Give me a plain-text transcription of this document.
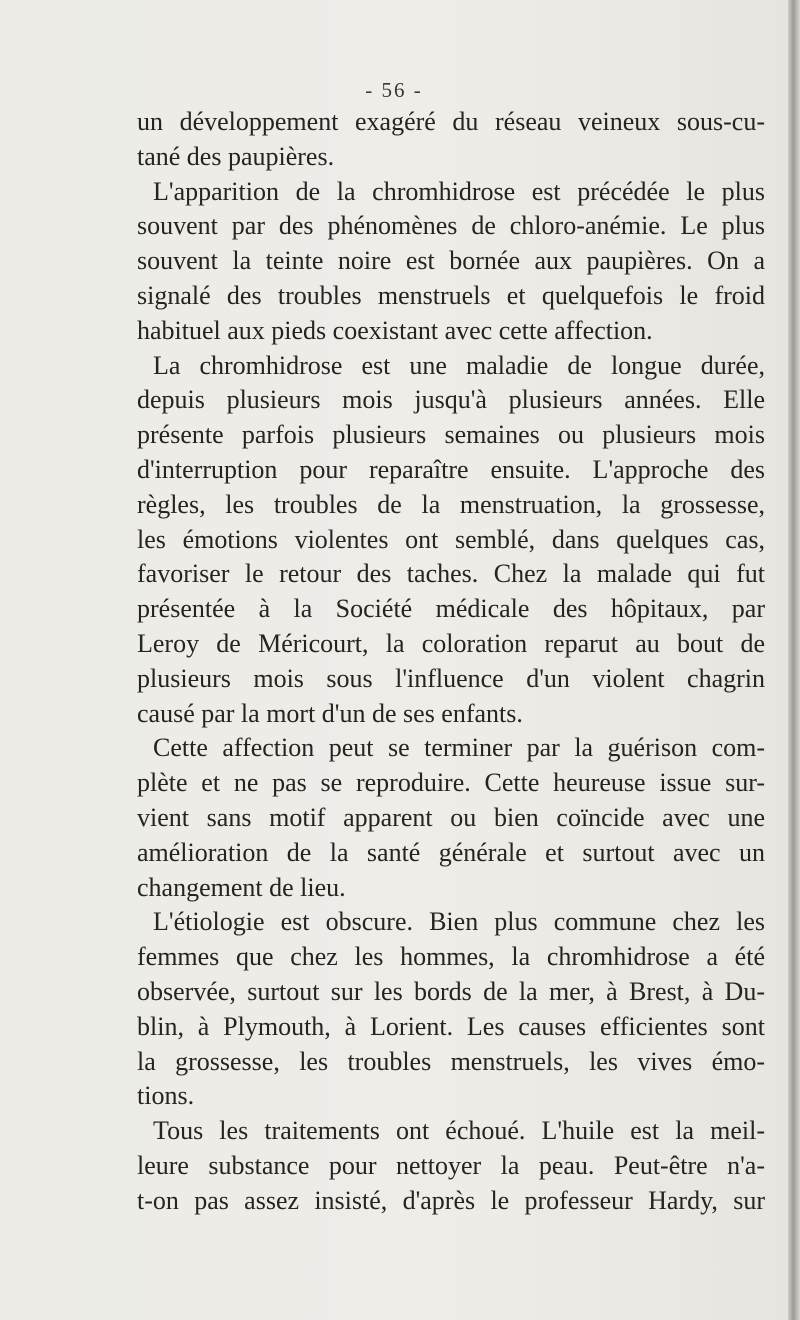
- 56 -

un développement exagéré du réseau veineux sous-cu-

tané des paupières.

L'apparition de la chromhidrose est précédée le plus

souvent par des phénomènes de chloro-anémie. Le plus

souvent la teinte noire est bornée aux paupières. On a

signalé des troubles menstruels et quelquefois le froid

habituel aux pieds coexistant avec cette affection.

La chromhidrose est une maladie de longue durée,

depuis plusieurs mois jusqu'à plusieurs années. Elle

présente parfois plusieurs semaines ou plusieurs mois

d'interruption pour reparaître ensuite. L'approche des

règles, les troubles de la menstruation, la grossesse,

les émotions violentes ont semblé, dans quelques cas,

favoriser le retour des taches. Chez la malade qui fut

présentée à la Société médicale des hôpitaux, par

Leroy de Méricourt, la coloration reparut au bout de

plusieurs mois sous l'influence d'un violent chagrin

causé par la mort d'un de ses enfants.

Cette affection peut se terminer par la guérison com-

plète et ne pas se reproduire. Cette heureuse issue sur-

vient sans motif apparent ou bien coïncide avec une

amélioration de la santé générale et surtout avec un

changement de lieu.

L'étiologie est obscure. Bien plus commune chez les

femmes que chez les hommes, la chromhidrose a été

observée, surtout sur les bords de la mer, à Brest, à Du-

blin, à Plymouth, à Lorient. Les causes efficientes sont

la grossesse, les troubles menstruels, les vives émo-

tions.

Tous les traitements ont échoué. L'huile est la meil-

leure substance pour nettoyer la peau. Peut-être n'a-

t-on pas assez insisté, d'après le professeur Hardy, sur
